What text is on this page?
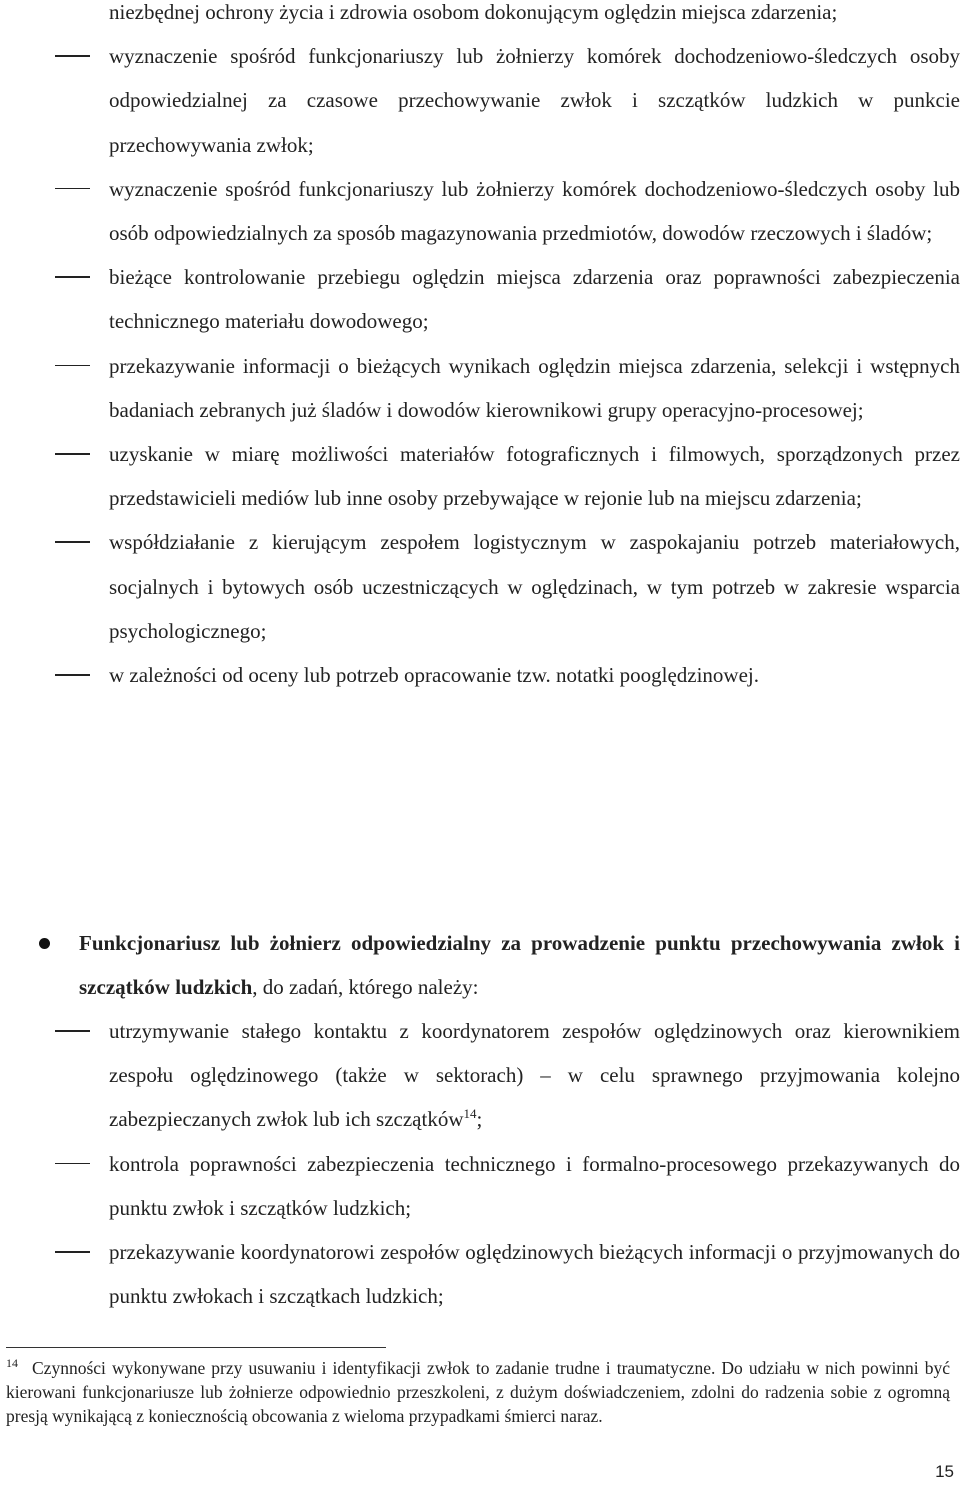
niezbędnej ochrony życia i zdrowia osobom dokonującym oględzin miejsca zdarzenia;
wyznaczenie spośród funkcjonariuszy lub żołnierzy komórek dochodzeniowo-śledczych osoby odpowiedzialnej za czasowe przechowywanie zwłok i szczątków ludzkich w punkcie przechowywania zwłok;
wyznaczenie spośród funkcjonariuszy lub żołnierzy komórek dochodzeniowo-śledczych osoby lub osób odpowiedzialnych za sposób magazynowania przedmiotów, dowodów rzeczowych i śladów;
bieżące kontrolowanie przebiegu oględzin miejsca zdarzenia oraz poprawności zabezpieczenia technicznego materiału dowodowego;
przekazywanie informacji o bieżących wynikach oględzin miejsca zdarzenia, selekcji i wstępnych badaniach zebranych już śladów i dowodów kierownikowi grupy operacyjno-procesowej;
uzyskanie w miarę możliwości materiałów fotograficznych i filmowych, sporządzonych przez przedstawicieli mediów lub inne osoby przebywające w rejonie lub na miejscu zdarzenia;
współdziałanie z kierującym zespołem logistycznym w zaspokajaniu potrzeb materiałowych, socjalnych i bytowych osób uczestniczących w oględzinach, w tym potrzeb w zakresie wsparcia psychologicznego;
w zależności od oceny lub potrzeb opracowanie tzw. notatki pooględzinowej.
Funkcjonariusz lub żołnierz odpowiedzialny za prowadzenie punktu przechowywania zwłok i szczątków ludzkich, do zadań, którego należy:
utrzymywanie stałego kontaktu z koordynatorem zespołów oględzinowych oraz kierownikiem zespołu oględzinowego (także w sektorach) ‒ w celu sprawnego przyjmowania kolejno zabezpieczanych zwłok lub ich szczątków$^{14}$;
kontrola poprawności zabezpieczenia technicznego i formalno-procesowego przekazywanych do punktu zwłok i szczątków ludzkich;
przekazywanie koordynatorowi zespołów oględzinowych bieżących informacji o przyjmowanych do punktu zwłokach i szczątkach ludzkich;
$^{14}$ Czynności wykonywane przy usuwaniu i identyfikacji zwłok to zadanie trudne i traumatyczne. Do udziału w nich powinni być kierowani funkcjonariusze lub żołnierze odpowiednio przeszkoleni, z dużym doświadczeniem, zdolni do radzenia sobie z ogromną presją wynikającą z koniecznością obcowania z wieloma przypadkami śmierci naraz.
15
